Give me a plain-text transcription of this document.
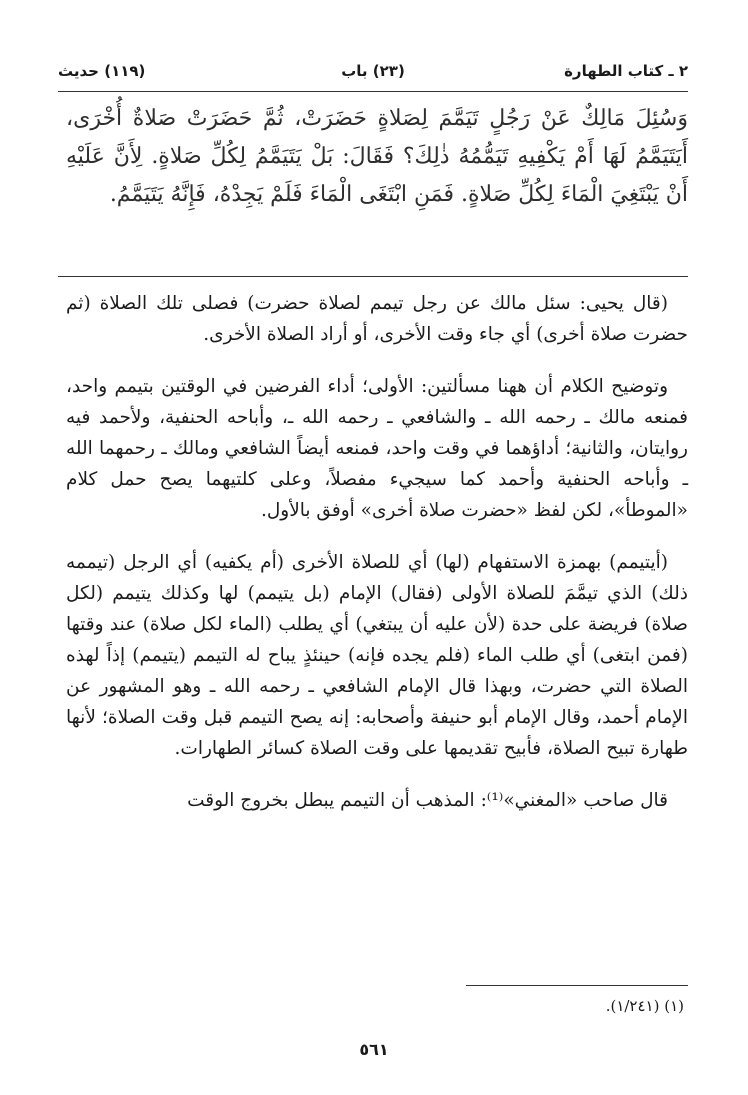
٢ ـ كتاب الطهارة
(٢٣) باب
(١١٩) حديث
وَسُئِلَ مَالِكٌ عَنْ رَجُلٍ تَيَمَّمَ لِصَلاةٍ حَضَرَتْ، ثُمَّ حَضَرَتْ صَلاةٌ أُخْرَى، أَيَتَيَمَّمُ لَهَا أَمْ يَكْفِيهِ تَيَمُّمُهُ ذٰلِكَ؟ فَقَالَ: بَلْ يَتَيَمَّمُ لِكُلِّ صَلاةٍ. لِأَنَّ عَلَيْهِ أَنْ يَبْتَغِيَ الْمَاءَ لِكُلِّ صَلاةٍ. فَمَنِ ابْتَغَى الْمَاءَ فَلَمْ يَجِدْهُ، فَإِنَّهُ يَتَيَمَّمُ.

(قال يحيى: سئل مالك عن رجل تيمم لصلاة حضرت) فصلى تلك الصلاة (ثم حضرت صلاة أخرى) أي جاء وقت الأخرى، أو أراد الصلاة الأخرى.

وتوضيح الكلام أن ههنا مسألتين: الأولى؛ أداء الفرضين في الوقتين بتيمم واحد، فمنعه مالك ـ رحمه الله ـ والشافعي ـ رحمه الله ـ، وأباحه الحنفية، ولأحمد فيه روايتان، والثانية؛ أداؤهما في وقت واحد، فمنعه أيضاً الشافعي ومالك ـ رحمهما الله ـ وأباحه الحنفية وأحمد كما سيجيء مفصلاً، وعلى كلتيهما يصح حمل كلام «الموطأ»، لكن لفظ «حضرت صلاة أخرى» أوفق بالأول.

(أيتيمم) بهمزة الاستفهام (لها) أي للصلاة الأخرى (أم يكفيه) أي الرجل (تيممه ذلك) الذي تيمَّمَ للصلاة الأولى (فقال) الإمام (بل يتيمم) لها وكذلك يتيمم (لكل صلاة) فريضة على حدة (لأن عليه أن يبتغي) أي يطلب (الماء لكل صلاة) عند وقتها (فمن ابتغى) أي طلب الماء (فلم يجده فإنه) حينئذٍ يباح له التيمم (يتيمم) إذاً لهذه الصلاة التي حضرت، وبهذا قال الإمام الشافعي ـ رحمه الله ـ وهو المشهور عن الإمام أحمد، وقال الإمام أبو حنيفة وأصحابه: إنه يصح التيمم قبل وقت الصلاة؛ لأنها طهارة تبيح الصلاة، فأبيح تقديمها على وقت الصلاة كسائر الطهارات.

قال صاحب «المغني»⁽¹⁾: المذهب أن التيمم يبطل بخروج الوقت

(١) (١/٢٤١).
٥٦١
